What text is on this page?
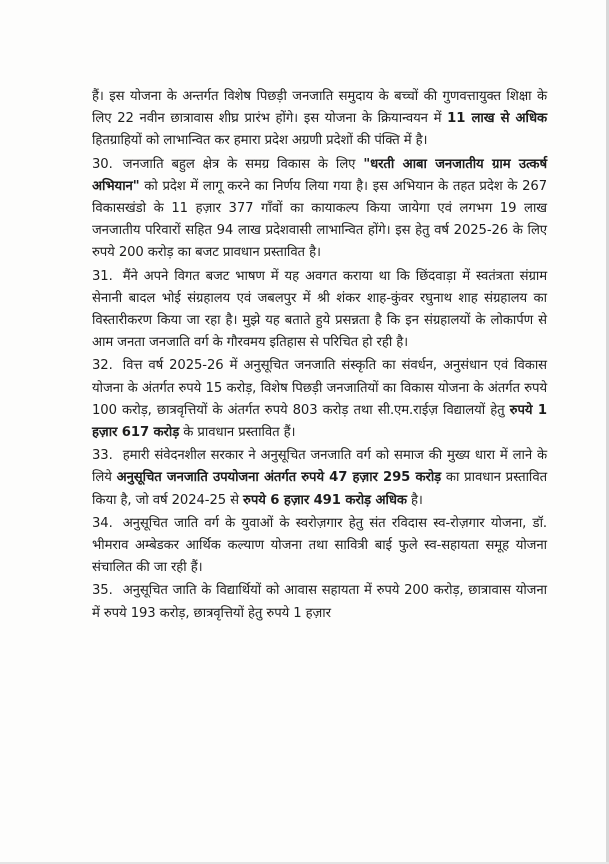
हैं। इस योजना के अन्तर्गत विशेष पिछड़ी जनजाति समुदाय के बच्चों की गुणवत्तायुक्त शिक्षा के लिए 22 नवीन छात्रावास शीघ्र प्रारंभ होंगे। इस योजना के क्रियान्वयन में 11 लाख से अधिक हितग्राहियों को लाभान्वित कर हमारा प्रदेश अग्रणी प्रदेशों की पंक्ति में है।

30. जनजाति बहुल क्षेत्र के समग्र विकास के लिए "धरती आबा जनजातीय ग्राम उत्कर्ष अभियान" को प्रदेश में लागू करने का निर्णय लिया गया है। इस अभियान के तहत प्रदेश के 267 विकासखंडो के 11 हज़ार 377 गाँवों का कायाकल्प किया जायेगा एवं लगभग 19 लाख जनजातीय परिवारों सहित 94 लाख प्रदेशवासी लाभान्वित होंगे। इस हेतु वर्ष 2025-26 के लिए रुपये 200 करोड़ का बजट प्रावधान प्रस्तावित है।

31. मैंने अपने विगत बजट भाषण में यह अवगत कराया था कि छिंदवाड़ा में स्वतंत्रता संग्राम सेनानी बादल भोई संग्रहालय एवं जबलपुर में श्री शंकर शाह-कुंवर रघुनाथ शाह संग्रहालय का विस्तारीकरण किया जा रहा है। मुझे यह बताते हुये प्रसन्नता है कि इन संग्रहालयों के लोकार्पण से आम जनता जनजाति वर्ग के गौरवमय इतिहास से परिचित हो रही है।

32. वित्त वर्ष 2025-26 में अनुसूचित जनजाति संस्कृति का संवर्धन, अनुसंधान एवं विकास योजना के अंतर्गत रुपये 15 करोड़, विशेष पिछड़ी जनजातियों का विकास योजना के अंतर्गत रुपये 100 करोड़, छात्रवृत्तियों के अंतर्गत रुपये 803 करोड़ तथा सी.एम.राईज़ विद्यालयों हेतु रुपये 1 हज़ार 617 करोड़ के प्रावधान प्रस्तावित हैं।

33. हमारी संवेदनशील सरकार ने अनुसूचित जनजाति वर्ग को समाज की मुख्य धारा में लाने के लिये अनुसूचित जनजाति उपयोजना अंतर्गत रुपये 47 हज़ार 295 करोड़ का प्रावधान प्रस्तावित किया है, जो वर्ष 2024-25 से रुपये 6 हज़ार 491 करोड़ अधिक है।

34. अनुसूचित जाति वर्ग के युवाओं के स्वरोज़गार हेतु संत रविदास स्व-रोज़गार योजना, डॉ. भीमराव अम्बेडकर आर्थिक कल्याण योजना तथा सावित्री बाई फुले स्व-सहायता समूह योजना संचालित की जा रही हैं।

35. अनुसूचित जाति के विद्यार्थियों को आवास सहायता में रुपये 200 करोड़, छात्रावास योजना में रुपये 193 करोड़, छात्रवृत्तियों हेतु रुपये 1 हज़ार
